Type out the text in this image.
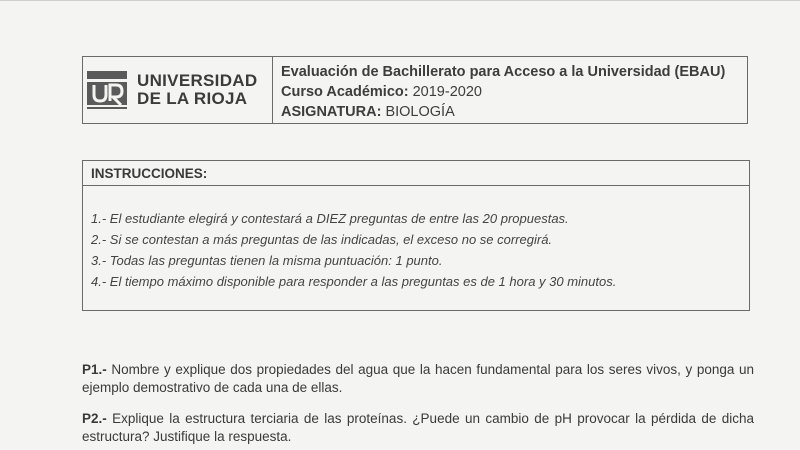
UNIVERSIDAD
DE LA RIOJA
Evaluación de Bachillerato para Acceso a la Universidad (EBAU)
Curso Académico: 2019-2020
ASIGNATURA: BIOLOGÍA
INSTRUCCIONES:
1.- El estudiante elegirá y contestará a DIEZ preguntas de entre las 20 propuestas.
2.- Si se contestan a más preguntas de las indicadas, el exceso no se corregirá.
3.- Todas las preguntas tienen la misma puntuación: 1 punto.
4.- El tiempo máximo disponible para responder a las preguntas es de 1 hora y 30 minutos.
P1.- Nombre y explique dos propiedades del agua que la hacen fundamental para los seres vivos, y ponga un ejemplo demostrativo de cada una de ellas.
P2.- Explique la estructura terciaria de las proteínas. ¿Puede un cambio de pH provocar la pérdida de dicha estructura? Justifique la respuesta.
